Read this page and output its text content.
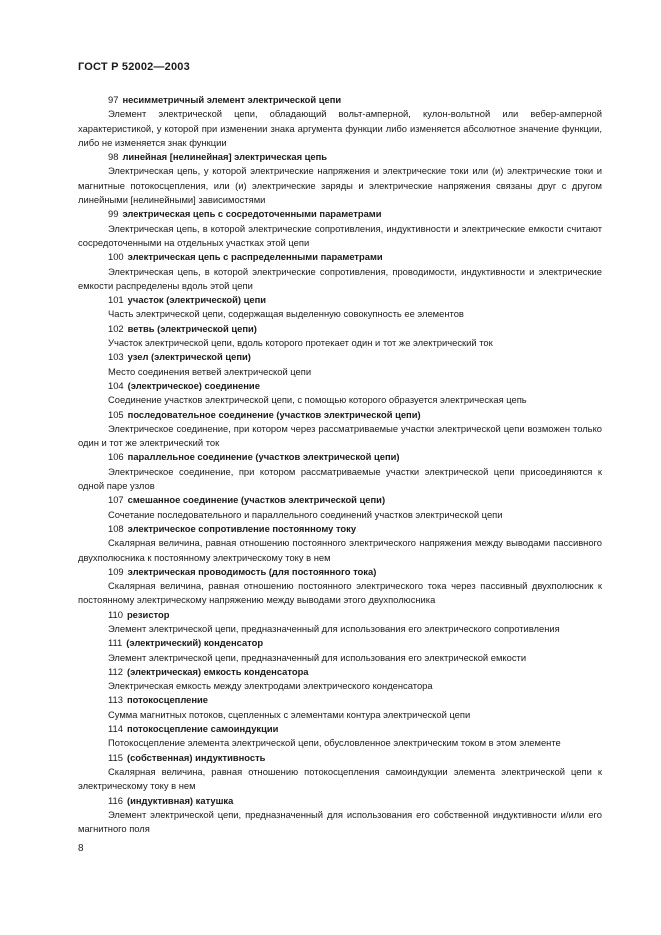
ГОСТ Р 52002—2003
97 несимметричный элемент электрической цепи
Элемент электрической цепи, обладающий вольт-амперной, кулон-вольтной или вебер-амперной характеристикой, у которой при изменении знака аргумента функции либо изменяется абсолютное значение функции, либо не изменяется знак функции
98 линейная [нелинейная] электрическая цепь
Электрическая цепь, у которой электрические напряжения и электрические токи или (и) электрические токи и магнитные потокосцепления, или (и) электрические заряды и электрические напряжения связаны друг с другом линейными [нелинейными] зависимостями
99 электрическая цепь с сосредоточенными параметрами
Электрическая цепь, в которой электрические сопротивления, индуктивности и электрические емкости считают сосредоточенными на отдельных участках этой цепи
100 электрическая цепь с распределенными параметрами
Электрическая цепь, в которой электрические сопротивления, проводимости, индуктивности и электрические емкости распределены вдоль этой цепи
101 участок (электрической) цепи
Часть электрической цепи, содержащая выделенную совокупность ее элементов
102 ветвь (электрической цепи)
Участок электрической цепи, вдоль которого протекает один и тот же электрический ток
103 узел (электрической цепи)
Место соединения ветвей электрической цепи
104 (электрическое) соединение
Соединение участков электрической цепи, с помощью которого образуется электрическая цепь
105 последовательное соединение (участков электрической цепи)
Электрическое соединение, при котором через рассматриваемые участки электрической цепи возможен только один и тот же электрический ток
106 параллельное соединение (участков электрической цепи)
Электрическое соединение, при котором рассматриваемые участки электрической цепи присоединяются к одной паре узлов
107 смешанное соединение (участков электрической цепи)
Сочетание последовательного и параллельного соединений участков электрической цепи
108 электрическое сопротивление постоянному току
Скалярная величина, равная отношению постоянного электрического напряжения между выводами пассивного двухполюсника к постоянному электрическому току в нем
109 электрическая проводимость (для постоянного тока)
Скалярная величина, равная отношению постоянного электрического тока через пассивный двухполюсник к постоянному электрическому напряжению между выводами этого двухполюсника
110 резистор
Элемент электрической цепи, предназначенный для использования его электрического сопротивления
111 (электрический) конденсатор
Элемент электрической цепи, предназначенный для использования его электрической емкости
112 (электрическая) емкость конденсатора
Электрическая емкость между электродами электрического конденсатора
113 потокосцепление
Сумма магнитных потоков, сцепленных с элементами контура электрической цепи
114 потокосцепление самоиндукции
Потокосцепление элемента электрической цепи, обусловленное электрическим током в этом элементе
115 (собственная) индуктивность
Скалярная величина, равная отношению потокосцепления самоиндукции элемента электрической цепи к электрическому току в нем
116 (индуктивная) катушка
Элемент электрической цепи, предназначенный для использования его собственной индуктивности и/или его магнитного поля
8
